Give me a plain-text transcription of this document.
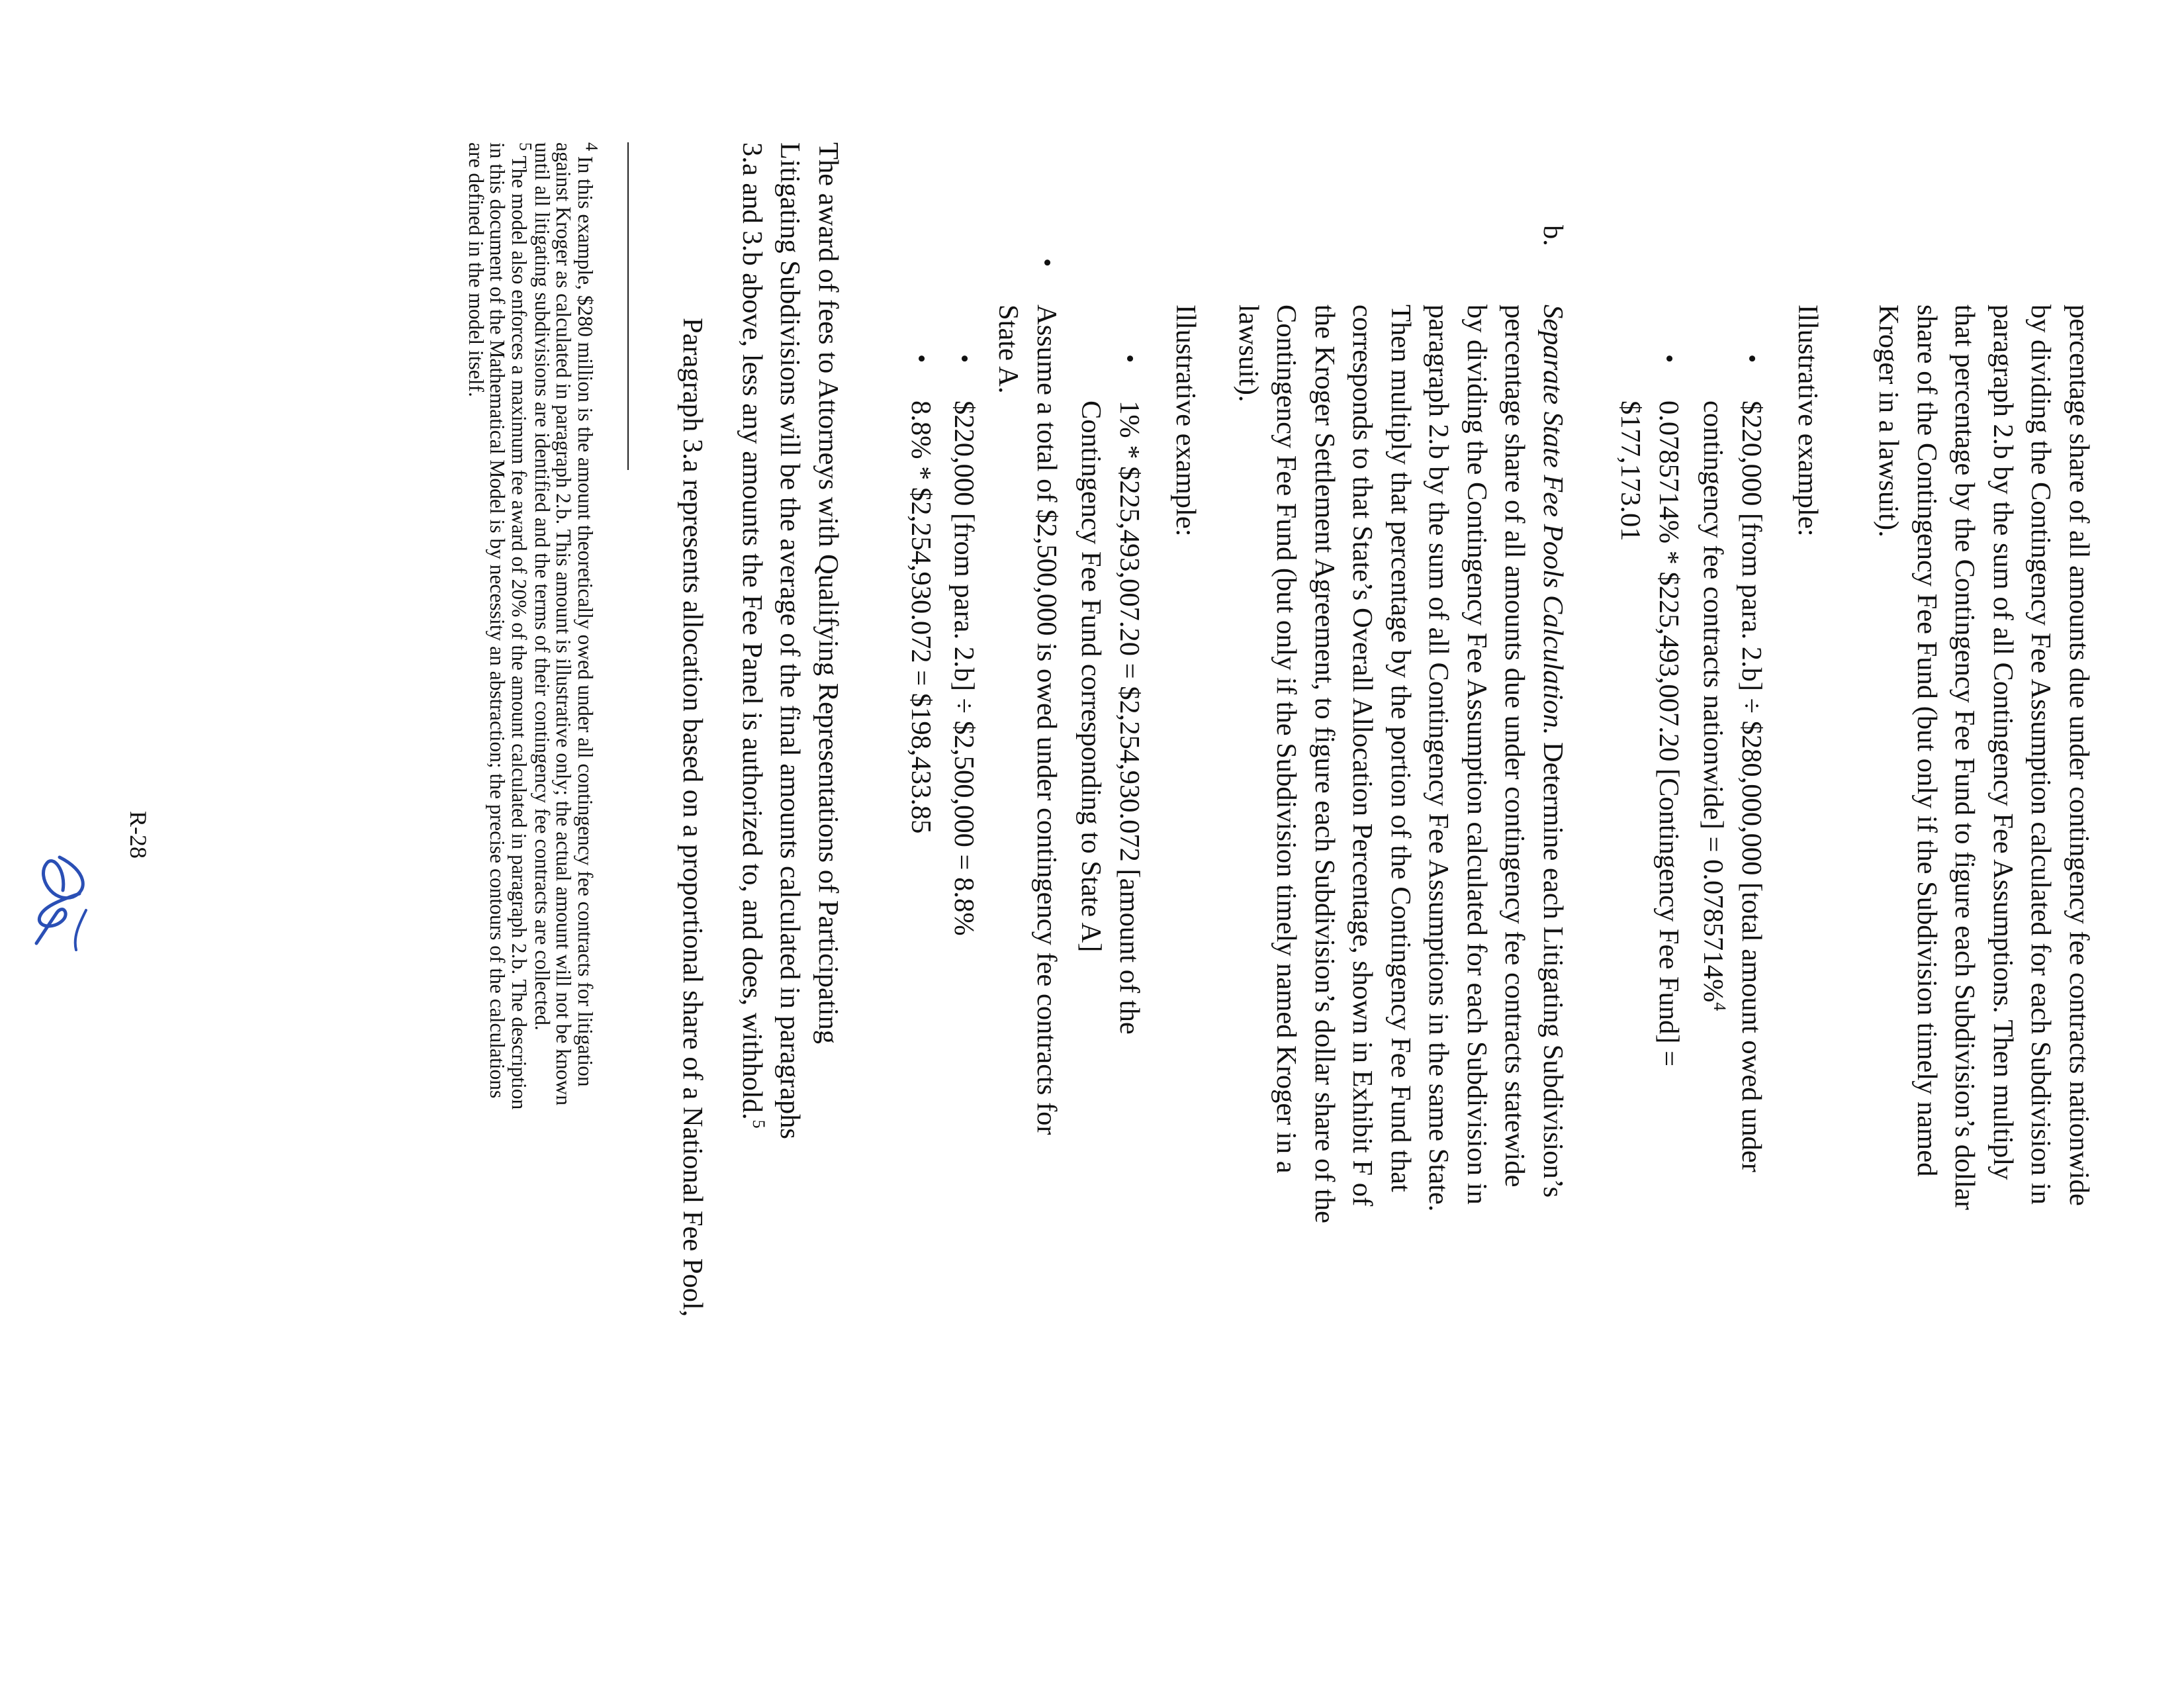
percentage share of all amounts due under contingency fee contracts nationwide
by dividing the Contingency Fee Assumption calculated for each Subdivision in
paragraph 2.b by the sum of all Contingency Fee Assumptions. Then multiply
that percentage by the Contingency Fee Fund to figure each Subdivision’s dollar
share of the Contingency Fee Fund (but only if the Subdivision timely named
Kroger in a lawsuit).
Illustrative example:
•
$220,000 [from para. 2.b] ÷ $280,000,000 [total amount owed under
contingency fee contracts nationwide] = 0.0785714%$^4$
•
0.0785714% * $225,493,007.20 [Contingency Fee Fund] =
$177,173.01
b.
Separate State Fee Pools Calculation. Determine each Litigating Subdivision’s
percentage share of all amounts due under contingency fee contracts statewide
by dividing the Contingency Fee Assumption calculated for each Subdivision in
paragraph 2.b by the sum of all Contingency Fee Assumptions in the same State.
Then multiply that percentage by the portion of the Contingency Fee Fund that
corresponds to that State’s Overall Allocation Percentage, shown in Exhibit F of
the Kroger Settlement Agreement, to figure each Subdivision’s dollar share of the
Contingency Fee Fund (but only if the Subdivision timely named Kroger in a
lawsuit).
Illustrative example:
•
1% * $225,493,007.20 = $2,254,930.072 [amount of the
Contingency Fee Fund corresponding to State A]
•
Assume a total of $2,500,000 is owed under contingency fee contracts for
State A.
•
$220,000 [from para. 2.b] ÷ $2,500,000 = 8.8%
•
8.8% * $2,254,930.072 = $198,433.85
The award of fees to Attorneys with Qualifying Representations of Participating
Litigating Subdivisions will be the average of the final amounts calculated in paragraphs
3.a and 3.b above, less any amounts the Fee Panel is authorized to, and does, withhold.$^5$
Paragraph 3.a represents allocation based on a proportional share of a National Fee Pool,
$^4$ In this example, $280 million is the amount theoretically owed under all contingency fee contracts for litigation
against Kroger as calculated in paragraph 2.b. This amount is illustrative only; the actual amount will not be known
until all litigating subdivisions are identified and the terms of their contingency fee contracts are collected.
$^5$ The model also enforces a maximum fee award of 20% of the amount calculated in paragraph 2.b. The description
in this document of the Mathematical Model is by necessity an abstraction; the precise contours of the calculations
are defined in the model itself.
R-28
